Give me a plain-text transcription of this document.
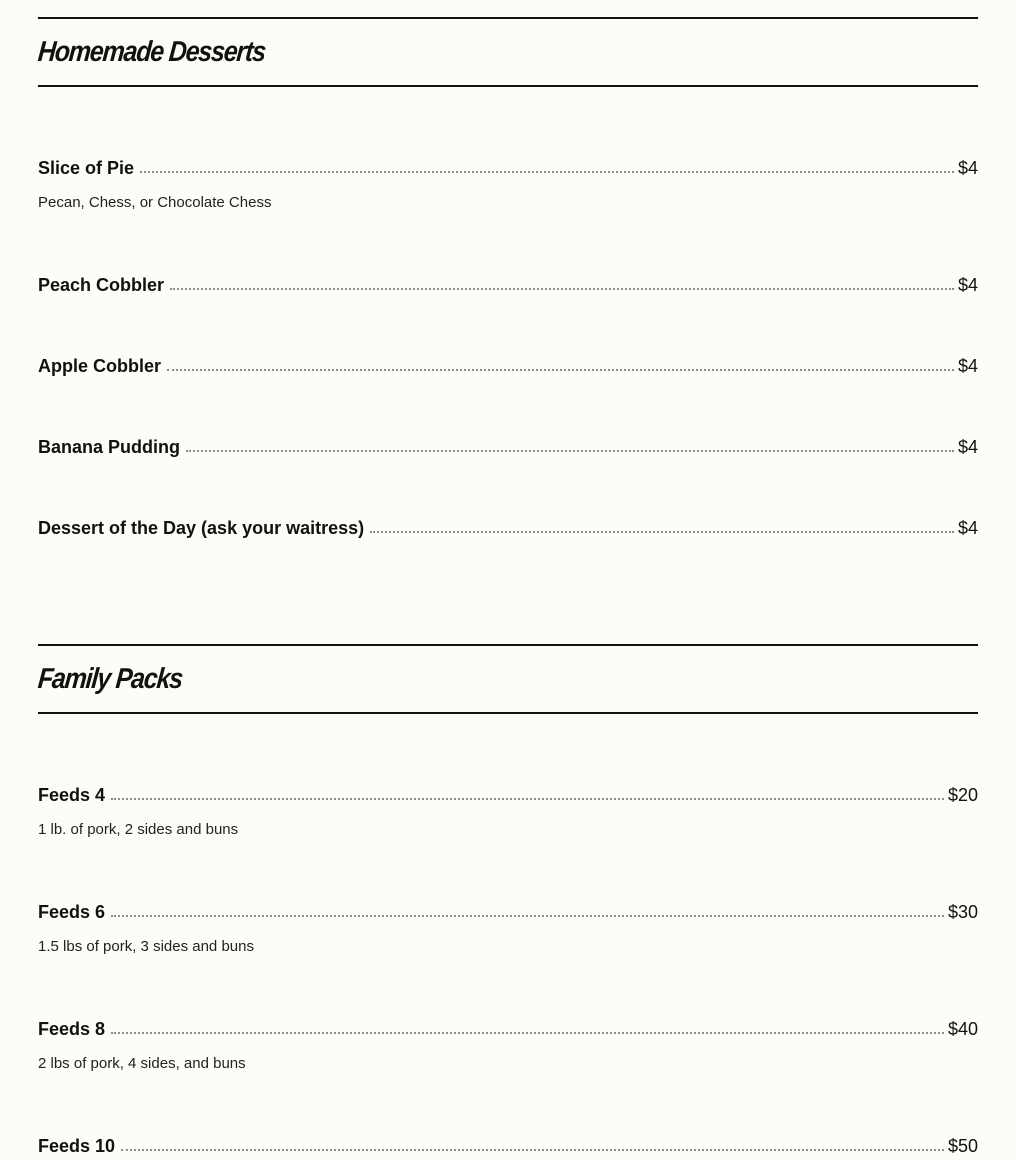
Homemade Desserts
Slice of Pie	$4
Pecan, Chess, or Chocolate Chess
Peach Cobbler	$4
Apple Cobbler	$4
Banana Pudding	$4
Dessert of the Day (ask your waitress)	$4
Family Packs
Feeds 4	$20
1 lb. of pork, 2 sides and buns
Feeds 6	$30
1.5 lbs of pork, 3 sides and buns
Feeds 8	$40
2 lbs of pork, 4 sides, and buns
Feeds 10	$50
